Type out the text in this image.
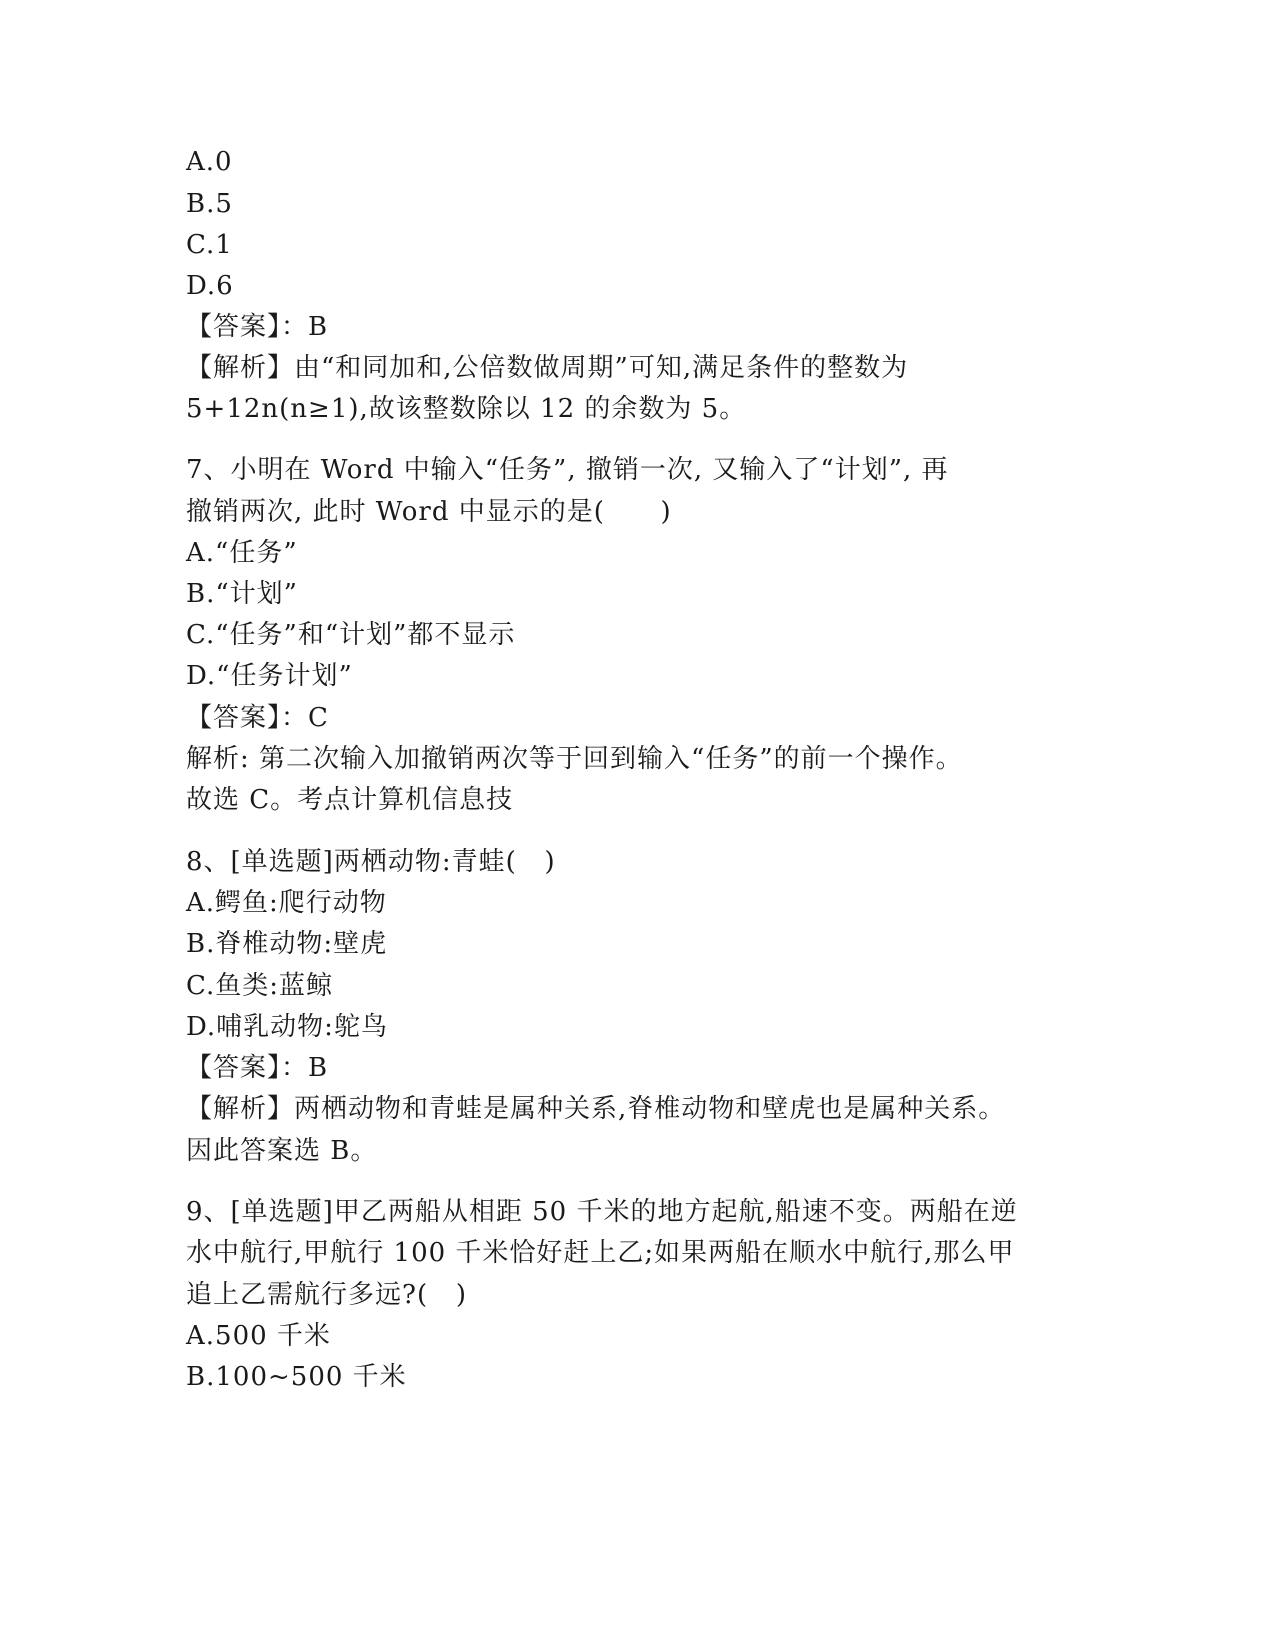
A.0
B.5
C.1
D.6
【答案】：B
【解析】由“和同加和,公倍数做周期”可知,满足条件的整数为
5+12n(n≥1),故该整数除以 12 的余数为 5。
7、小明在 Word 中输入“任务”, 撤销一次, 又输入了“计划”, 再
撤销两次, 此时 Word 中显示的是(      )
A.“任务”
B.“计划”
C.“任务”和“计划”都不显示
D.“任务计划”
【答案】：C
解析: 第二次输入加撤销两次等于回到输入“任务”的前一个操作。
故选 C。考点计算机信息技
8、[单选题]两栖动物:青蛙(   )
A.鳄鱼:爬行动物
B.脊椎动物:壁虎
C.鱼类:蓝鲸
D.哺乳动物:鸵鸟
【答案】：B
【解析】两栖动物和青蛙是属种关系,脊椎动物和壁虎也是属种关系。
因此答案选 B。
9、[单选题]甲乙两船从相距 50 千米的地方起航,船速不变。两船在逆
水中航行,甲航行 100 千米恰好赶上乙;如果两船在顺水中航行,那么甲
追上乙需航行多远?(   )
A.500 千米
B.100~500 千米
